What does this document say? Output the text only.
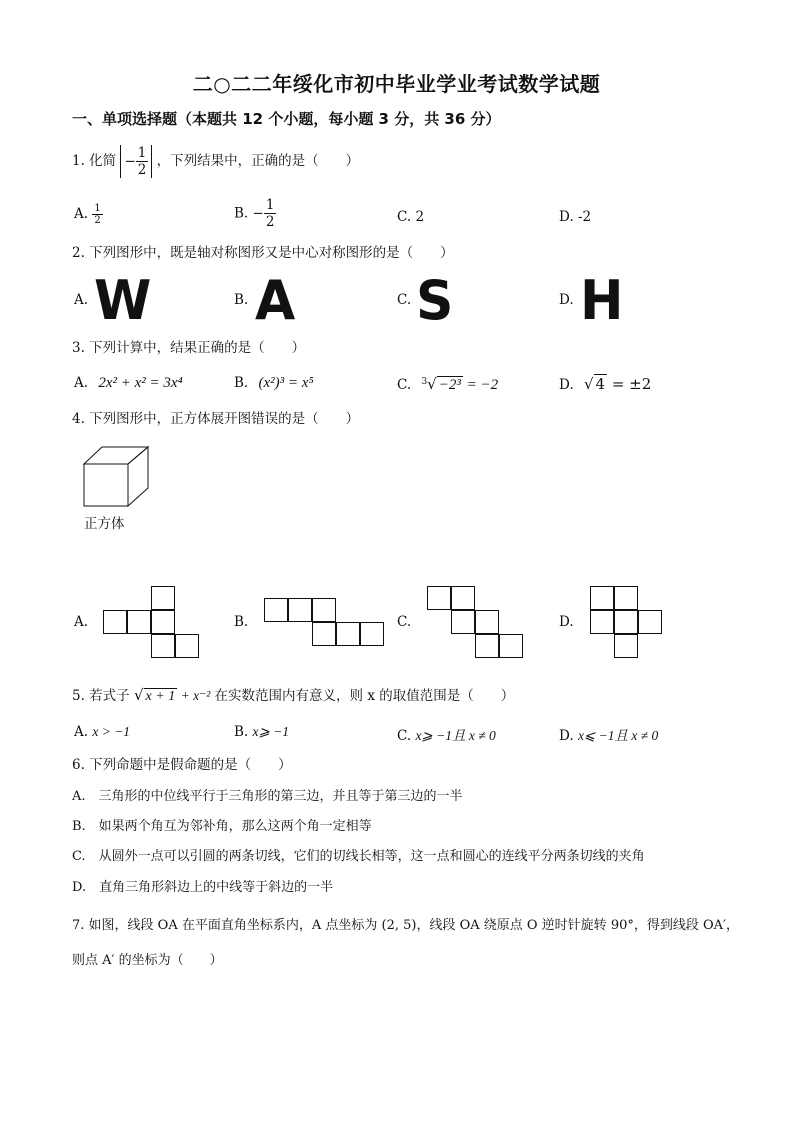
二○二二年绥化市初中毕业学业考试数学试题
一、单项选择题（本题共 12 个小题，每小题 3 分，共 36 分）
1. 化简 − $\frac{1}{2}$ ，下列结果中，正确的是（　　）
A. $\frac{1}{2}$	B. − $\frac{1}{2}$	C. 2	D. -2
2. 下列图形中，既是轴对称图形又是中心对称图形的是（　　）
A. W	B. A	C. S	D. H
3. 下列计算中，结果正确的是（　　）
A. 2x² + x² = 3x⁴	B. (x²)³ = x⁵	C. $^3$√ −2³ = −2	D. √ 4 = ±2
4. 下列图形中，正方体展开图错误的是（　　）
正方体
A.	B.	C.	D.
5. 若式子 √ x + 1 + x⁻² 在实数范围内有意义，则 x 的取值范围是（　　）
A. x > −1	B. x⩾ −1	C. x⩾ −1且 x ≠ 0	D. x⩽ −1且 x ≠ 0
6. 下列命题中是假命题的是（　　）
A.　三角形的中位线平行于三角形的第三边，并且等于第三边的一半
B.　如果两个角互为邻补角，那么这两个角一定相等
C.　从圆外一点可以引圆的两条切线，它们的切线长相等，这一点和圆心的连线平分两条切线的夹角
D.　直角三角形斜边上的中线等于斜边的一半
7. 如图，线段 OA 在平面直角坐标系内，A 点坐标为 (2, 5)，线段 OA 绕原点 O 逆时针旋转 90°，得到线段 OA′，
则点 A′ 的坐标为（　　）
